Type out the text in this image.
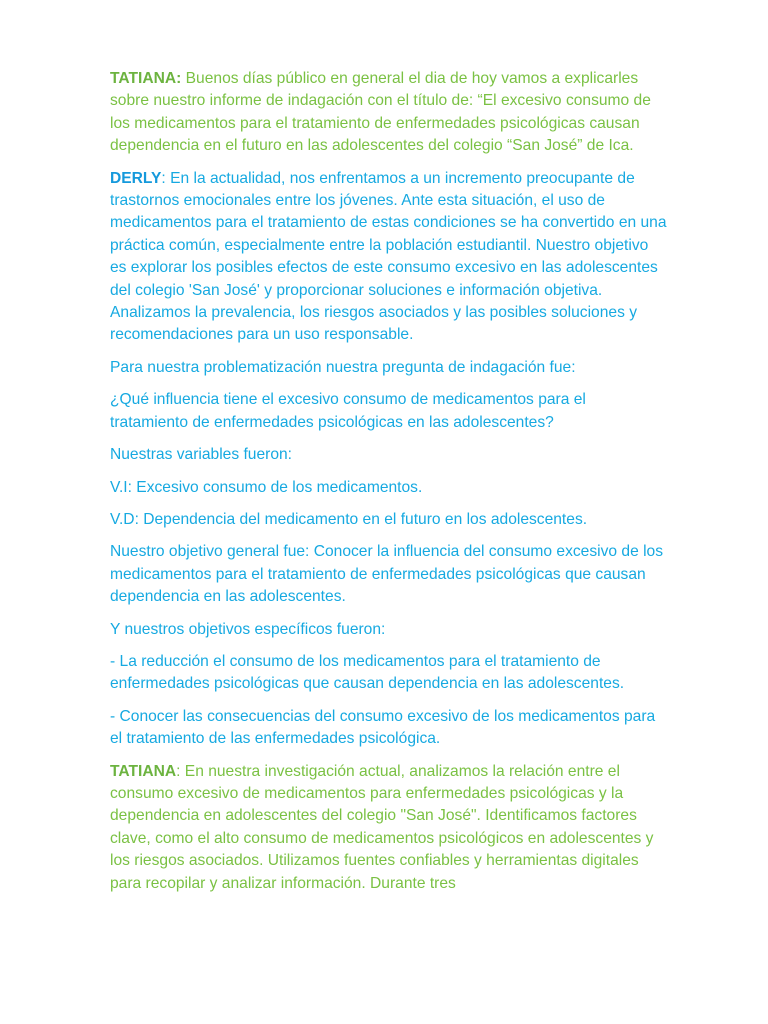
TATIANA: Buenos días público en general el dia de hoy vamos a explicarles sobre nuestro informe de indagación con el título de: “El excesivo consumo de los medicamentos para el tratamiento de enfermedades psicológicas causan dependencia en el futuro en las adolescentes del colegio “San José” de Ica.

DERLY: En la actualidad, nos enfrentamos a un incremento preocupante de trastornos emocionales entre los jóvenes. Ante esta situación, el uso de medicamentos para el tratamiento de estas condiciones se ha convertido en una práctica común, especialmente entre la población estudiantil. Nuestro objetivo es explorar los posibles efectos de este consumo excesivo en las adolescentes del colegio 'San José' y proporcionar soluciones e información objetiva. Analizamos la prevalencia, los riesgos asociados y las posibles soluciones y recomendaciones para un uso responsable.

Para nuestra problematización nuestra pregunta de indagación fue:

¿Qué influencia tiene el excesivo consumo de medicamentos para el tratamiento de enfermedades psicológicas en las adolescentes?

Nuestras variables fueron:

V.I: Excesivo consumo de los medicamentos.

V.D: Dependencia del medicamento en el futuro en los adolescentes.

Nuestro objetivo general fue: Conocer la influencia del consumo excesivo de los medicamentos para el tratamiento de enfermedades psicológicas que causan dependencia en las adolescentes.

Y nuestros objetivos específicos fueron:

- La reducción el consumo de los medicamentos para el tratamiento de enfermedades psicológicas que causan dependencia en las adolescentes.

- Conocer las consecuencias del consumo excesivo de los medicamentos para el tratamiento de las enfermedades psicológica.

TATIANA: En nuestra investigación actual, analizamos la relación entre el consumo excesivo de medicamentos para enfermedades psicológicas y la dependencia en adolescentes del colegio "San José". Identificamos factores clave, como el alto consumo de medicamentos psicológicos en adolescentes y los riesgos asociados. Utilizamos fuentes confiables y herramientas digitales para recopilar y analizar información. Durante tres
